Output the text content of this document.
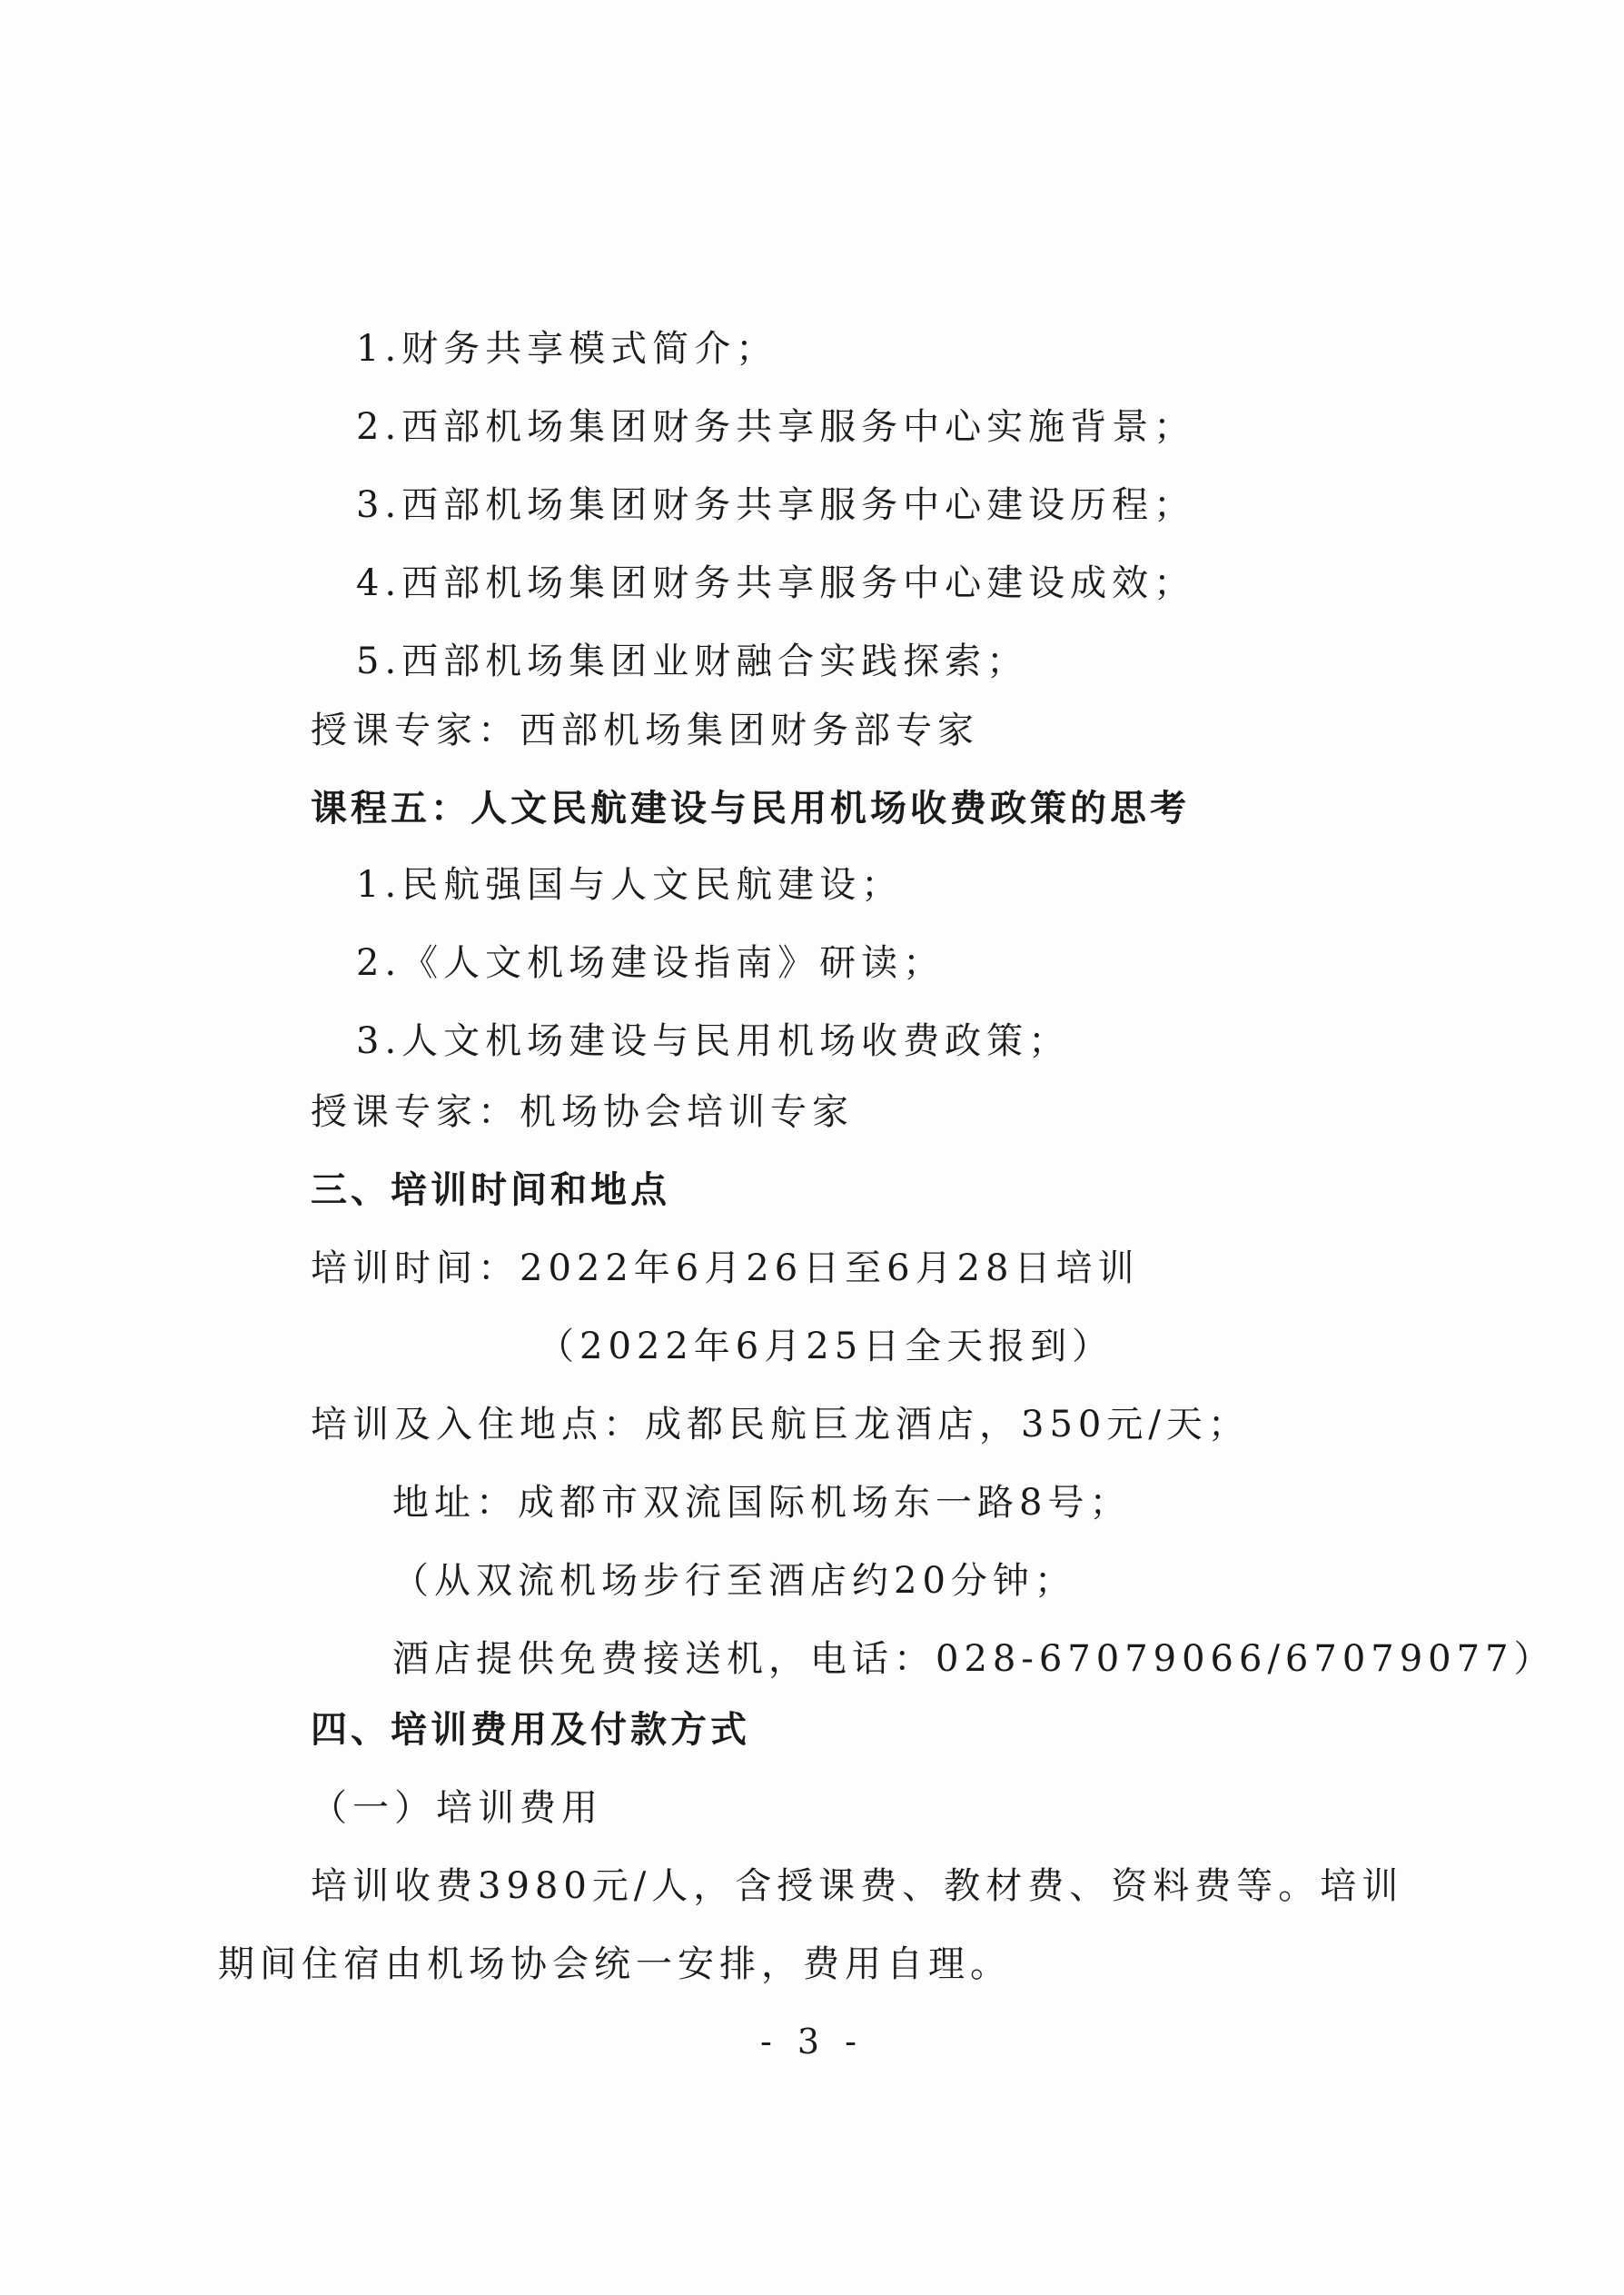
1.财务共享模式简介；
2.西部机场集团财务共享服务中心实施背景；
3.西部机场集团财务共享服务中心建设历程；
4.西部机场集团财务共享服务中心建设成效；
5.西部机场集团业财融合实践探索；
授课专家：西部机场集团财务部专家
课程五：人文民航建设与民用机场收费政策的思考
1.民航强国与人文民航建设；
2.《人文机场建设指南》研读；
3.人文机场建设与民用机场收费政策；
授课专家：机场协会培训专家
三、培训时间和地点
培训时间：2022年6月26日至6月28日培训
（2022年6月25日全天报到）
培训及入住地点：成都民航巨龙酒店，350元/天；
地址：成都市双流国际机场东一路8号；
（从双流机场步行至酒店约20分钟；
酒店提供免费接送机，电话：028-67079066/67079077）
四、培训费用及付款方式
（一）培训费用
培训收费3980元/人，含授课费、教材费、资料费等。培训
期间住宿由机场协会统一安排，费用自理。
- 3 -
